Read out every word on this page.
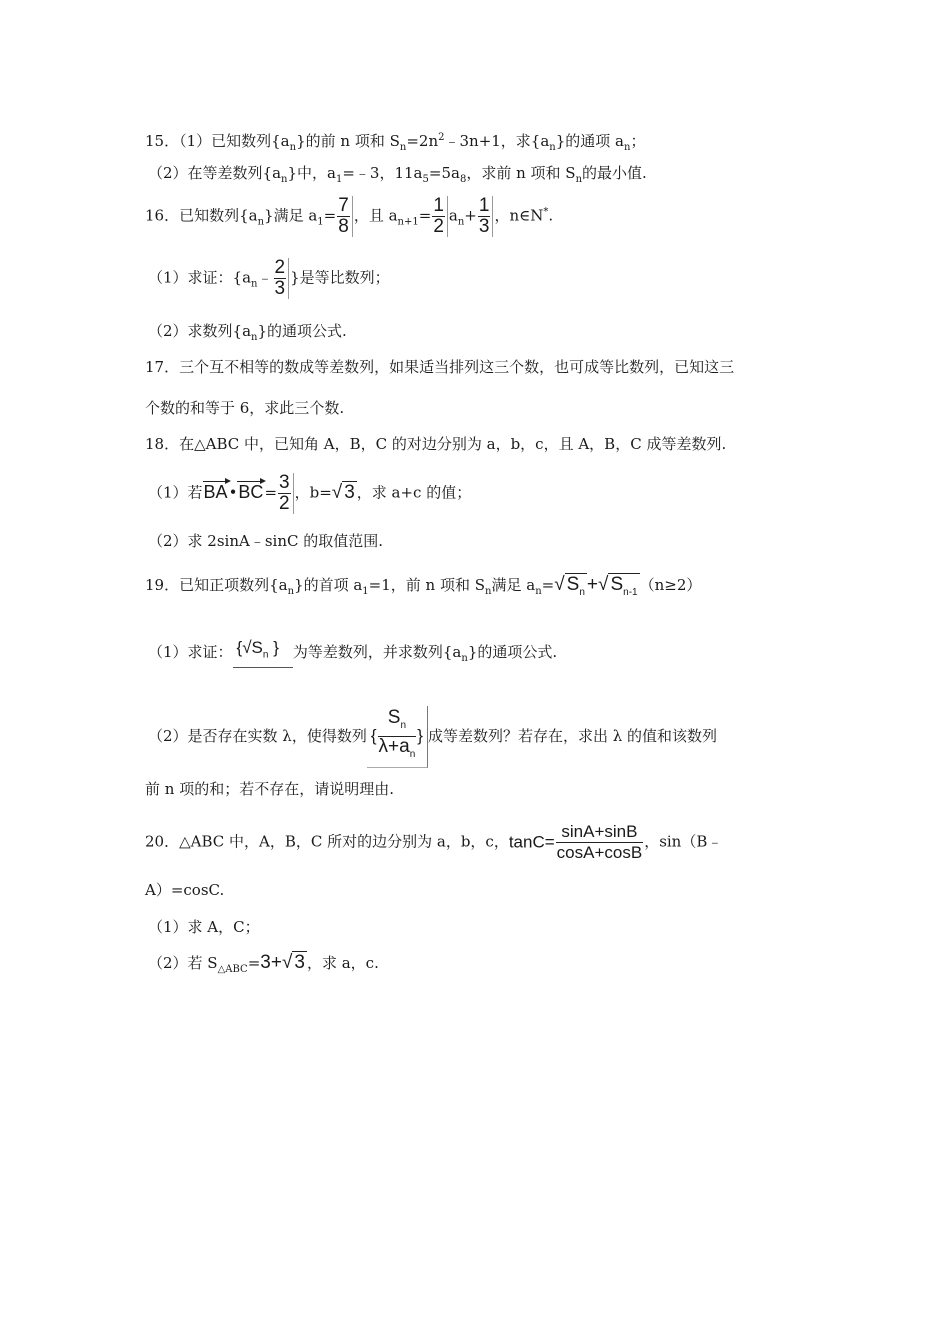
15．（1）已知数列$\{a_n\}$的前 n 项和 $S_n=2n^2﹣3n+1$，求$\{a_n\}$的通项 $a_n$；
（2）在等差数列$\{a_n\}$中，$a_1=﹣3$，$11a_5=5a_8$，求前 n 项和 $S_n$的最小值.
16．已知数列$\{a_n\}$满足 $a_1= \frac{7}{8}$ ，且 $a_{n+1}= \frac{1}{2} a_n+ \frac{1}{3}$ ，n∈N*.
（1）求证：{$a_n﹣ \frac{2}{3}$ }是等比数列；
（2）求数列$\{a_n\}$的通项公式.
17．三个互不相等的数成等差数列，如果适当排列这三个数，也可成等比数列，已知这三
个数的和等于 6，求此三个数.
18．在△ABC 中，已知角 A，B，C 的对边分别为 a，b，c，且 A，B，C 成等差数列.
（1）若BA•BC= $\frac{3}{2}$ ，b=√ 3 ，求 a+c 的值；
（2）求 2sinA﹣sinC 的取值范围.
19．已知正项数列$\{a_n\}$的首项 $a_1=1$，前 n 项和 $S_n$满足 $a_n=√$ $S_n$ +√ $S_{n-1}$ （n≥2）
（1）求证： {$√S_n$ } 为等差数列，并求数列$\{a_n\}$的通项公式.
（2）是否存在实数 λ，使得数列 { $\frac{S_n}{\lambda+a_n}$ } 成等差数列？若存在，求出 λ 的值和该数列
前 n 项的和；若不存在，请说明理由.
20．△ABC 中，A，B，C 所对的边分别为 a，b，c，$\tan C= \frac{\sin A+\sin B}{\cos A+\cos B}$ ，sin（B﹣
A）=cosC.
（1）求 A，C；
（2）若 $S_{\triangle ABC}=3+√$ 3 ，求 a，c.
